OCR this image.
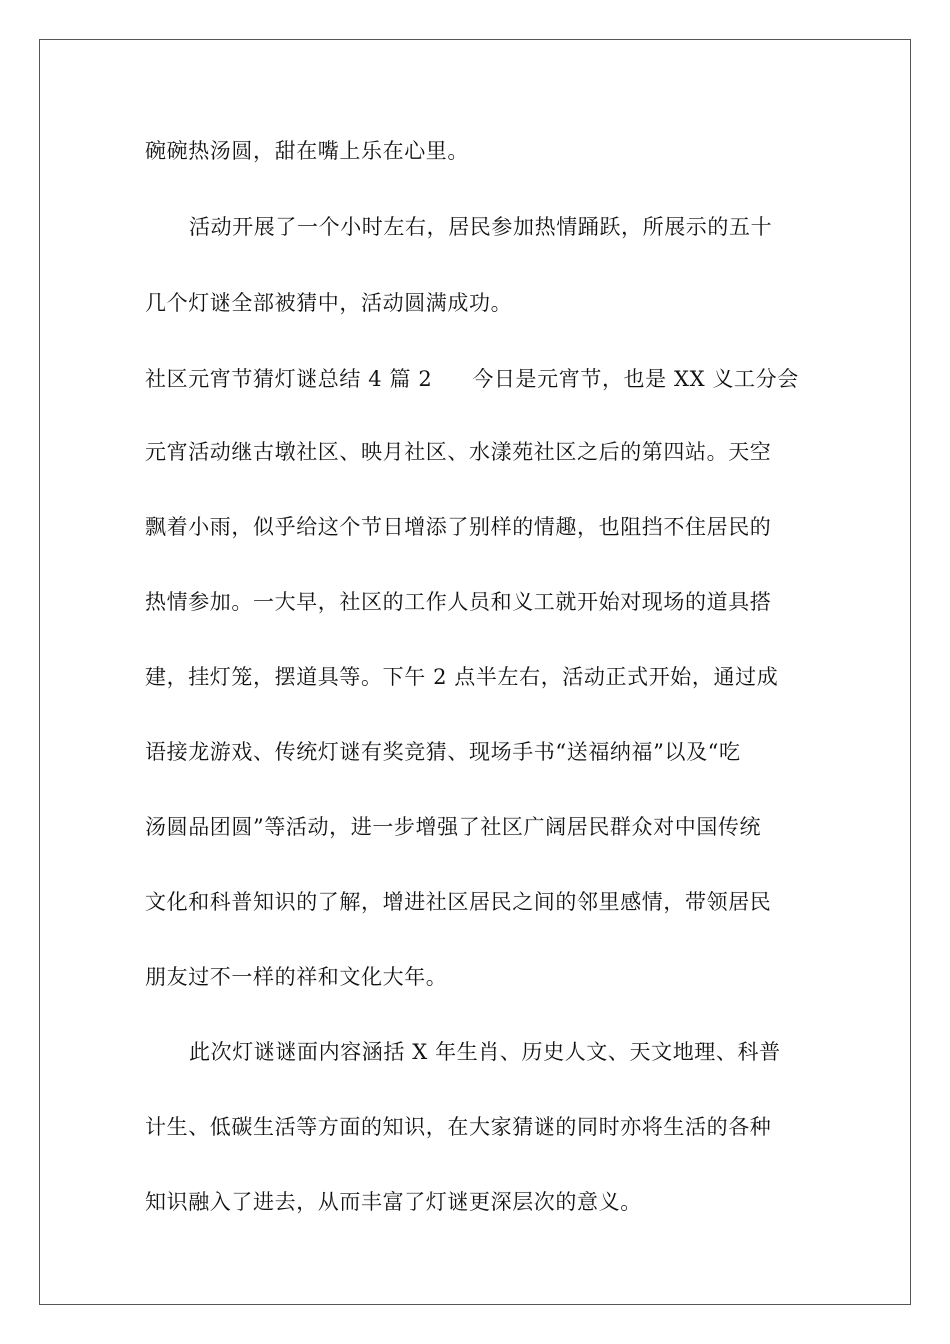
碗碗热汤圆，甜在嘴上乐在心里。
活动开展了一个小时左右，居民参加热情踊跃，所展示的五十
几个灯谜全部被猜中，活动圆满成功。
社区元宵节猜灯谜总结 4 篇 2 今日是元宵节，也是 XX 义工分会
元宵活动继古墩社区、映月社区、水漾苑社区之后的第四站。天空
飘着小雨，似乎给这个节日增添了别样的情趣，也阻挡不住居民的
热情参加。一大早，社区的工作人员和义工就开始对现场的道具搭
建，挂灯笼，摆道具等。下午 2 点半左右，活动正式开始，通过成
语接龙游戏、传统灯谜有奖竞猜、现场手书“送福纳福”以及“吃
汤圆品团圆”等活动，进一步增强了社区广阔居民群众对中国传统
文化和科普知识的了解，增进社区居民之间的邻里感情，带领居民
朋友过不一样的祥和文化大年。
此次灯谜谜面内容涵括 X 年生肖、历史人文、天文地理、科普
计生、低碳生活等方面的知识，在大家猜谜的同时亦将生活的各种
知识融入了进去，从而丰富了灯谜更深层次的意义。
